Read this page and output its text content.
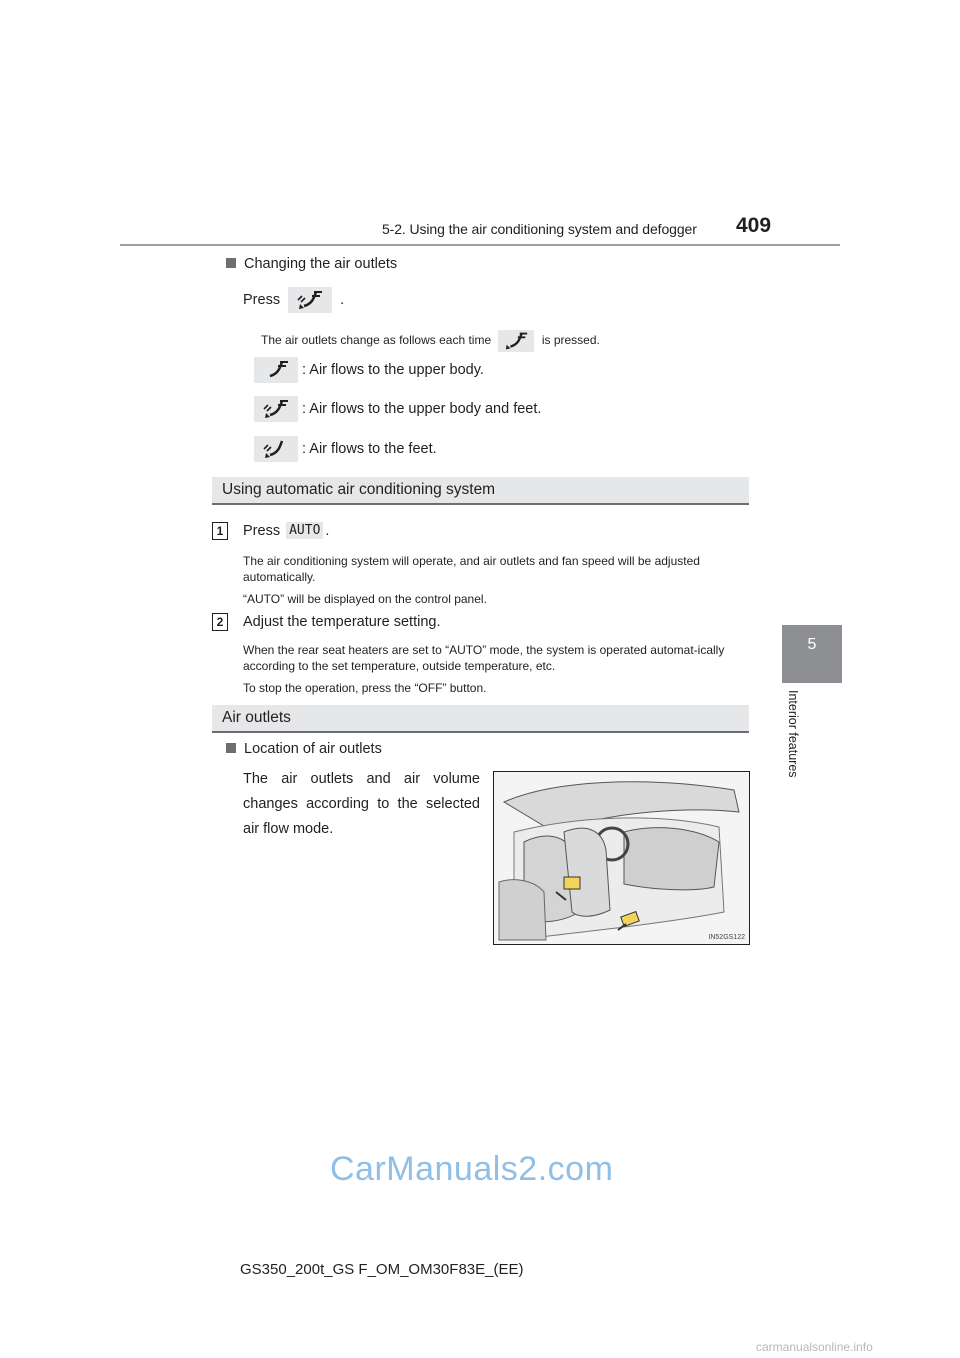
5-2. Using the air conditioning system and defogger 409
5
Interior features
Changing the air outlets
Press	.
The air outlets change as follows each time	is pressed.
: Air flows to the upper body.
: Air flows to the upper body and feet.
: Air flows to the feet.
Using automatic air conditioning system
1	Press AUTO .
The air conditioning system will operate, and air outlets and fan speed will be adjusted automatically.
“AUTO” will be displayed on the control panel.
2	Adjust the temperature setting.
When the rear seat heaters are set to “AUTO” mode, the system is operated automat-ically according to the set temperature, outside temperature, etc.
To stop the operation, press the “OFF” button.
Air outlets
Location of air outlets
The air outlets and air volume changes according to the selected air flow mode.
IN52GS122
CarManuals2.com
GS350_200t_GS F_OM_OM30F83E_(EE)
carmanualsonline.info
